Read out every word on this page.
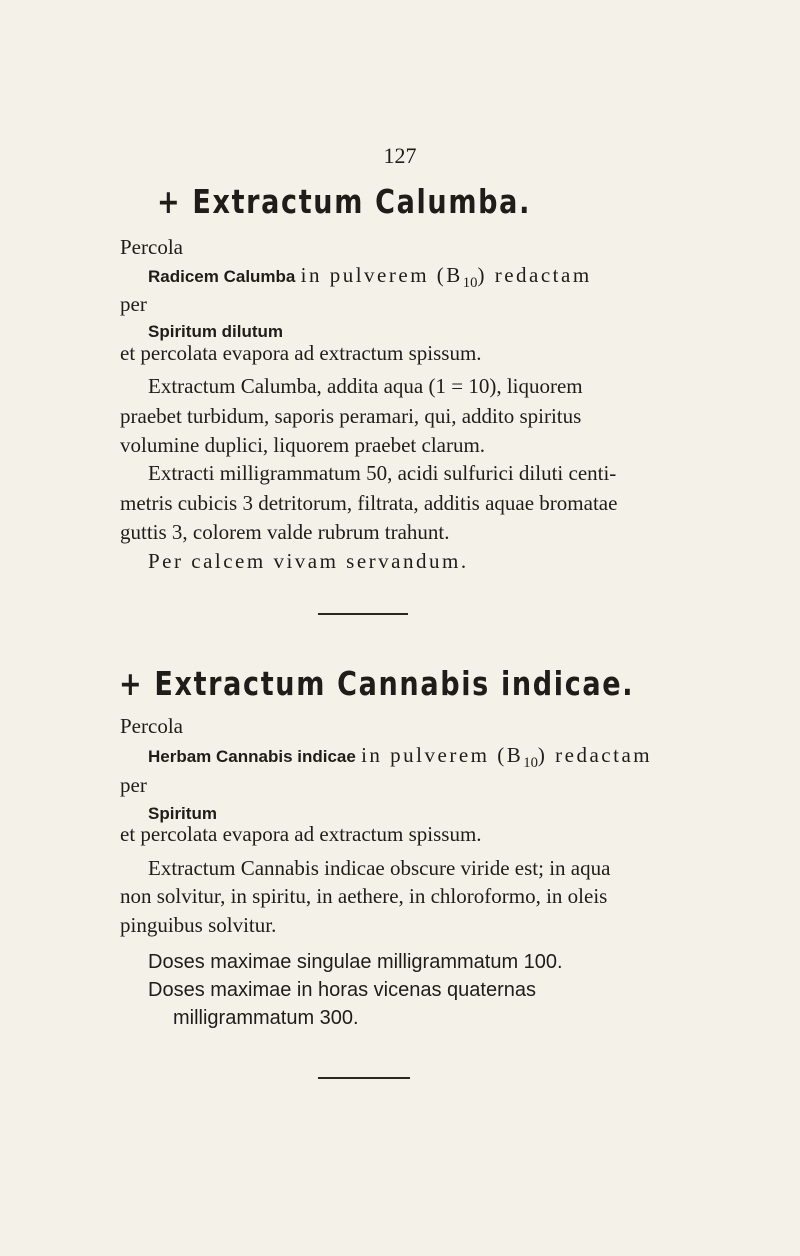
127
+ Extractum Calumba.
Percola
Radicem Calumba in pulverem $(B_{10})$ redactam
per
Spiritum dilutum
et percolata evapora ad extractum spissum.
Extractum Calumba, addita aqua (1 = 10), liquorem
praebet turbidum, saporis peramari, qui, addito spiritus
volumine duplici, liquorem praebet clarum.
Extracti milligrammatum 50, acidi sulfurici diluti centi-
metris cubicis 3 detritorum, filtrata, additis aquae bromatae
guttis 3, colorem valde rubrum trahunt.
Per calcem vivam servandum.
+ Extractum Cannabis indicae.
Percola
Herbam Cannabis indicae in pulverem $(B_{10})$ redactam
per
Spiritum
et percolata evapora ad extractum spissum.
Extractum Cannabis indicae obscure viride est; in aqua
non solvitur, in spiritu, in aethere, in chloroformo, in oleis
pinguibus solvitur.
Doses maximae singulae milligrammatum 100.
Doses maximae in horas vicenas quaternas
milligrammatum 300.
